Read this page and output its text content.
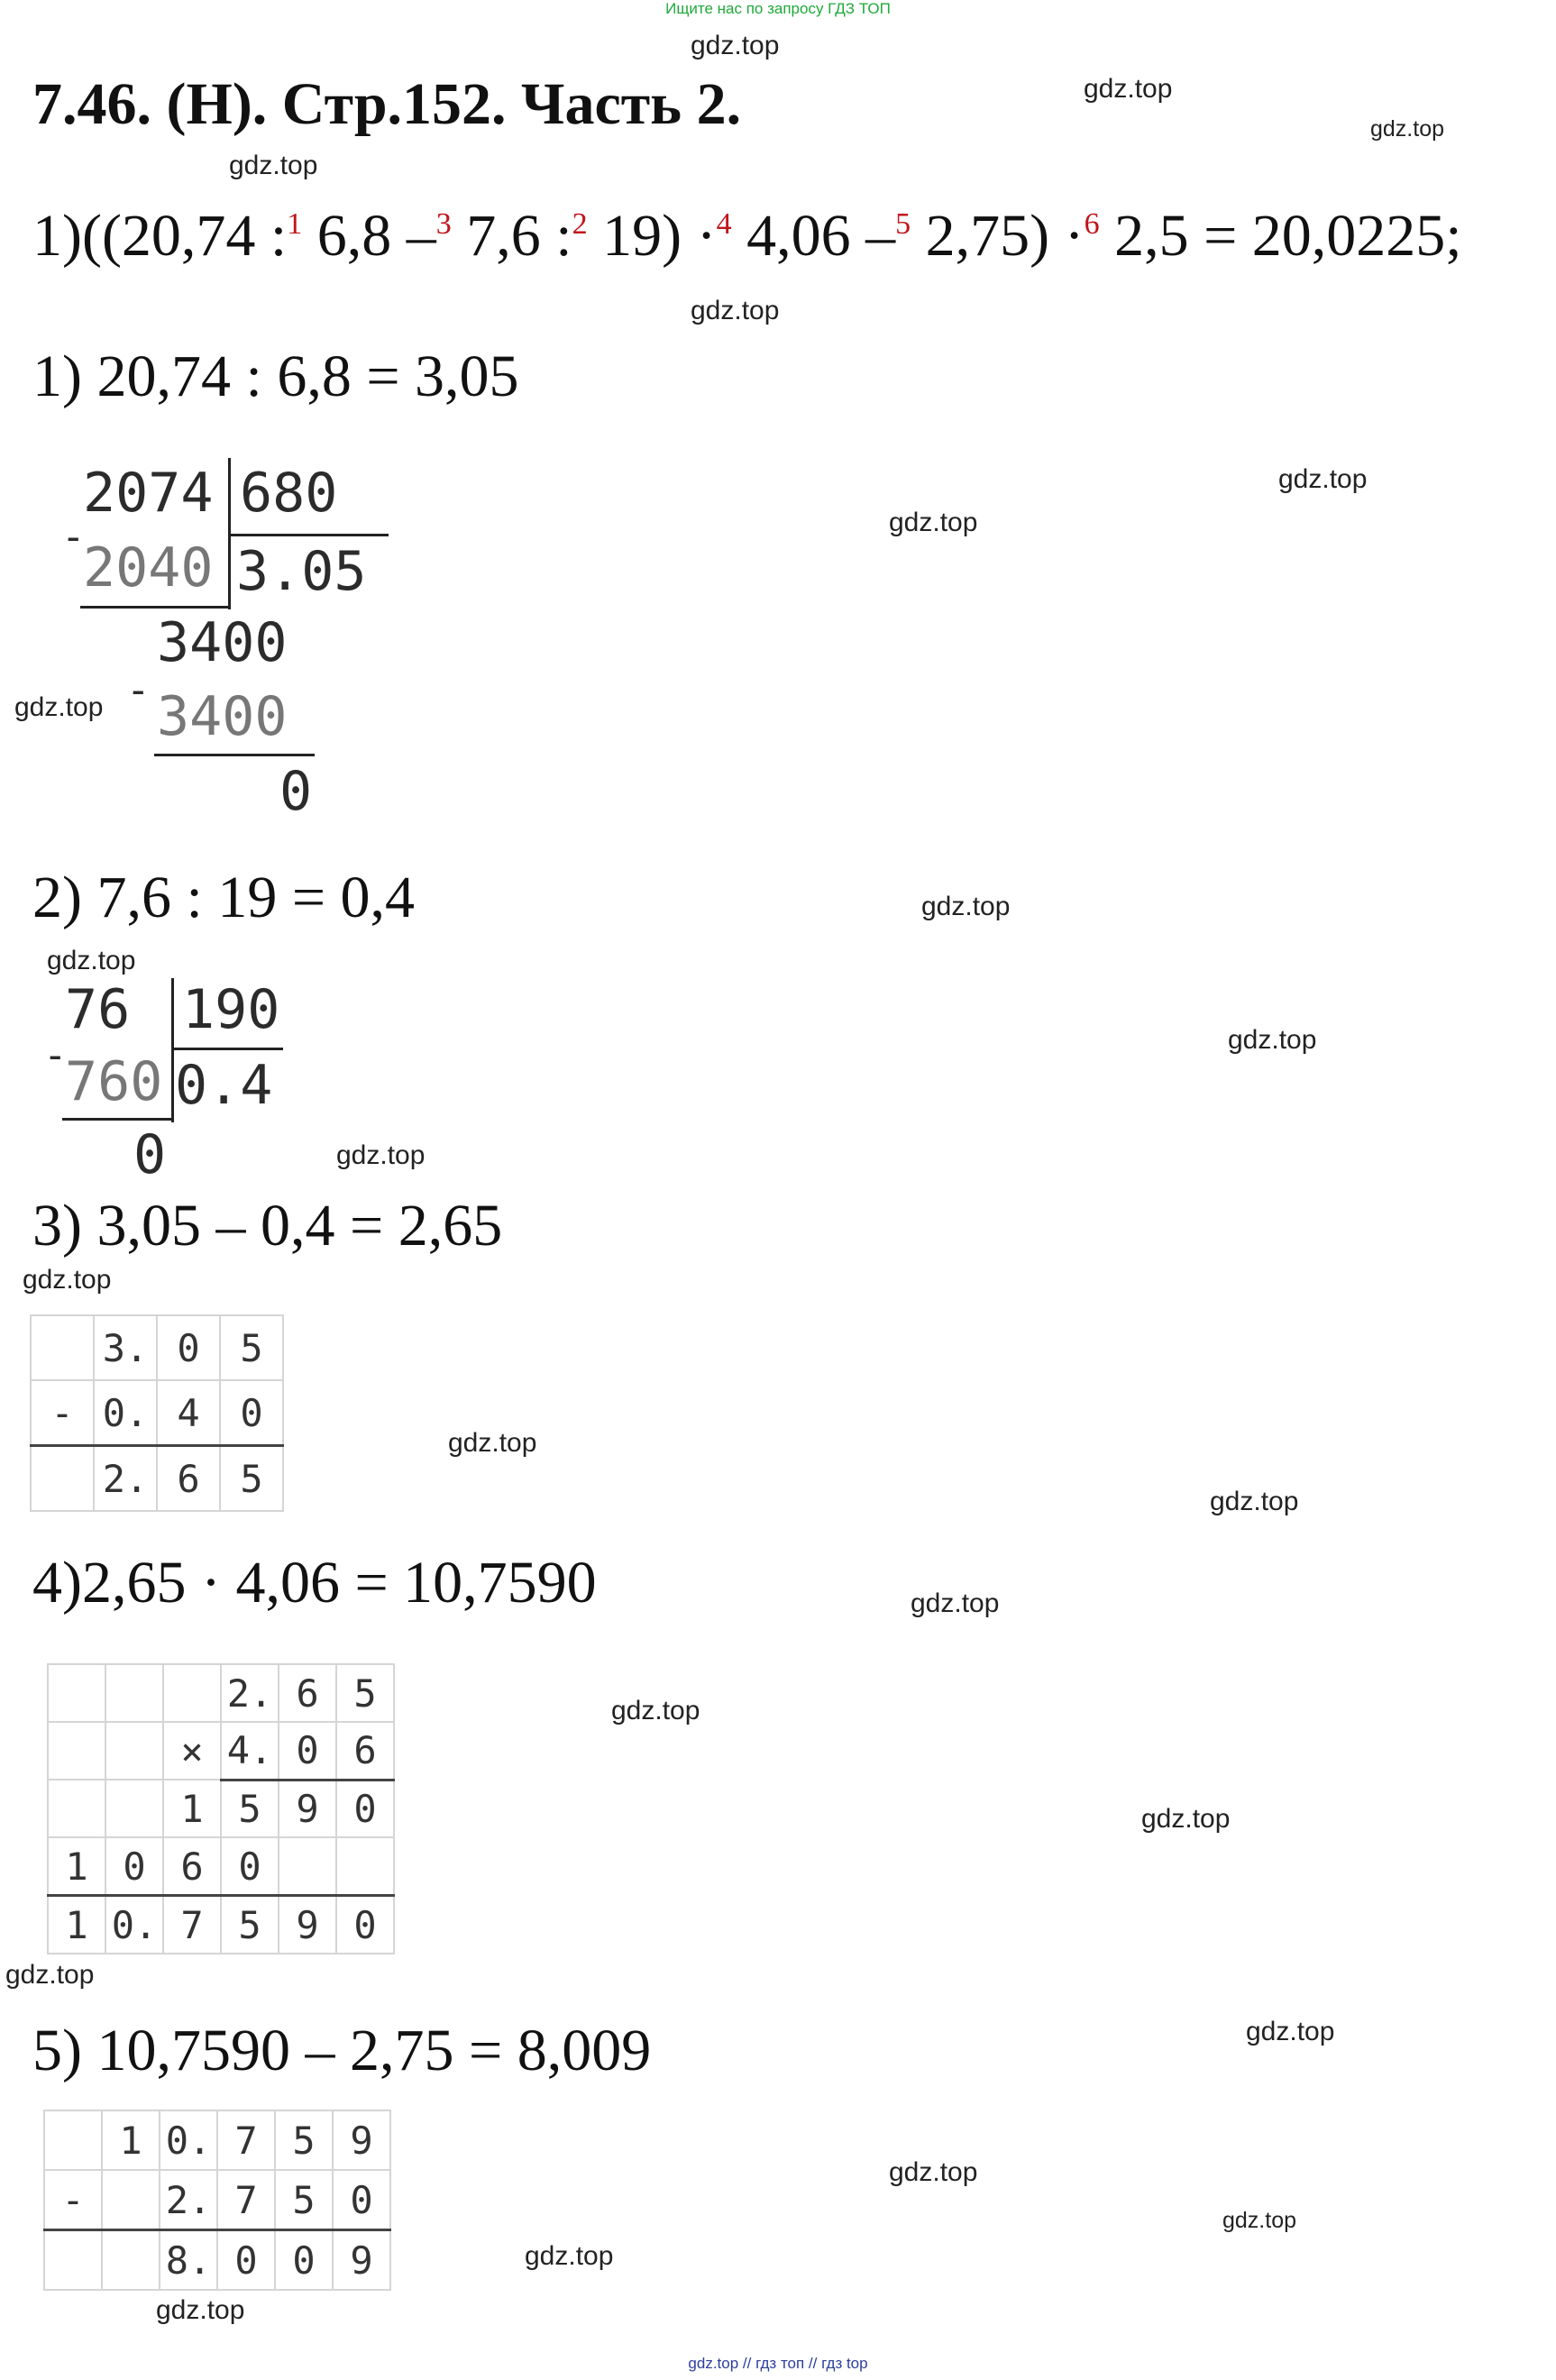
Ищите нас по запросу ГДЗ ТОП
gdz.top
gdz.top
gdz.top
gdz.top
gdz.top
gdz.top
gdz.top
gdz.top
gdz.top
gdz.top
gdz.top
gdz.top
gdz.top
gdz.top
gdz.top
gdz.top
gdz.top
gdz.top
gdz.top
gdz.top
gdz.top
gdz.top
gdz.top
gdz.top
7.46. (Н). Стр.152. Часть 2.
1)((20,74 :$^1$ 6,8 –$^3$ 7,6 :$^2$ 19) ·$^4$ 4,06 –$^5$ 2,75) ·$^6$ 2,5 = 20,0225;
1) 20,74 : 6,8 = 3,05
2074 680
-
2040 3.05
3400
- 3400
0
2) 7,6 : 19 = 0,4
76 190
-
760 0.4
0
3) 3,05 – 0,4 = 2,65
	3.	0	5
-	0.	4	0
	2.	6	5
4)2,65 · 4,06 = 10,7590
			2.	6	5
		×	4.	0	6
		1	5	9	0
1	0	6	0		
1	0.	7	5	9	0
5) 10,7590 – 2,75 = 8,009
	1	0.	7	5	9
-		2.	7	5	0
		8.	0	0	9
gdz.top // гдз топ // гдз top
